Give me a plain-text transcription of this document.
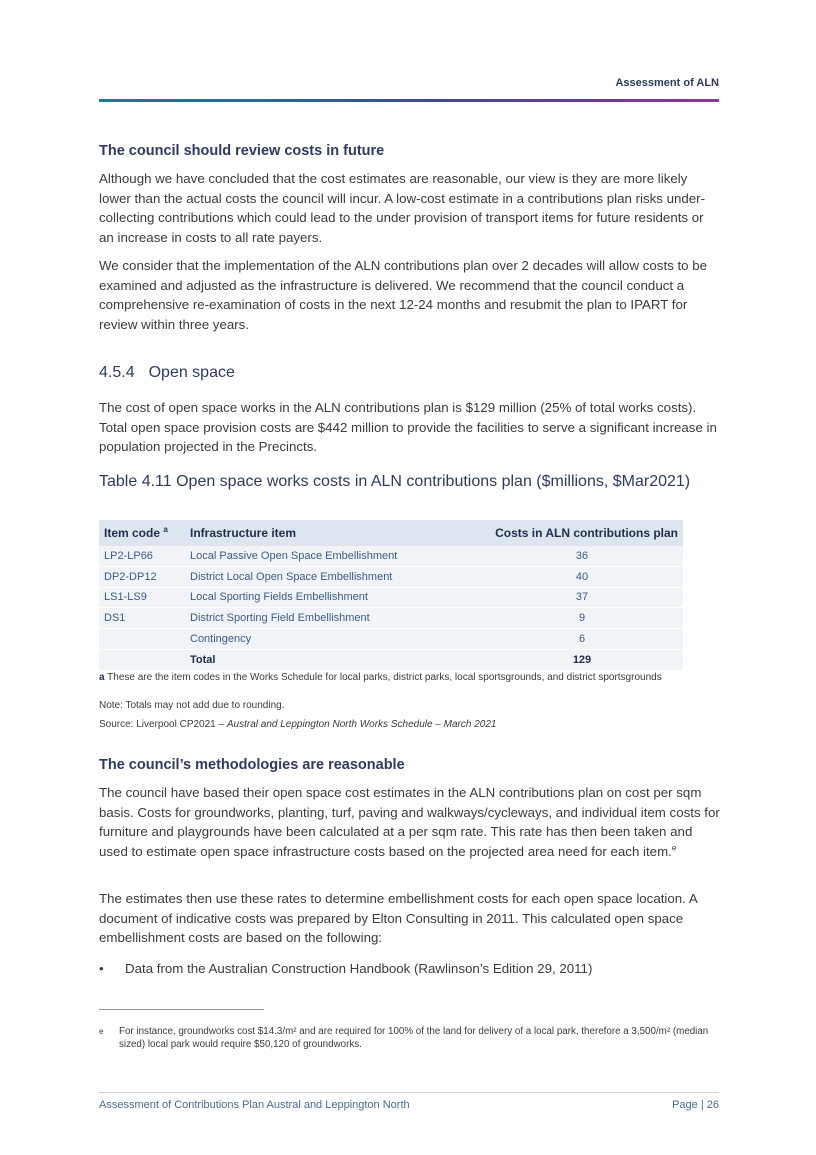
Assessment of ALN
The council should review costs in future

Although we have concluded that the cost estimates are reasonable, our view is they are more likely lower than the actual costs the council will incur. A low-cost estimate in a contributions plan risks under-collecting contributions which could lead to the under provision of transport items for future residents or an increase in costs to all rate payers.

We consider that the implementation of the ALN contributions plan over 2 decades will allow costs to be examined and adjusted as the infrastructure is delivered. We recommend that the council conduct a comprehensive re-examination of costs in the next 12-24 months and resubmit the plan to IPART for review within three years.

4.5.4 Open space

The cost of open space works in the ALN contributions plan is $129 million (25% of total works costs). Total open space provision costs are $442 million to provide the facilities to serve a significant increase in population projected in the Precincts.

Table 4.11 Open space works costs in ALN contributions plan ($millions, $Mar2021)
Item code $^a$	Infrastructure item	Costs in ALN contributions plan
LP2-LP66	Local Passive Open Space Embellishment	36
DP2-DP12	District Local Open Space Embellishment	40
LS1-LS9	Local Sporting Fields Embellishment	37
DS1	District Sporting Field Embellishment	9
	Contingency	6
	Total	129
a These are the item codes in the Works Schedule for local parks, district parks, local sportsgrounds, and district sportsgrounds
Note: Totals may not add due to rounding.
Source: Liverpool CP2021 – Austral and Leppington North Works Schedule – March 2021
The council’s methodologies are reasonable

The council have based their open space cost estimates in the ALN contributions plan on cost per sqm basis. Costs for groundworks, planting, turf, paving and walkways/cycleways, and individual item costs for furniture and playgrounds have been calculated at a per sqm rate. This rate has then been taken and used to estimate open space infrastructure costs based on the projected area need for each item.$^e$

The estimates then use these rates to determine embellishment costs for each open space location. A document of indicative costs was prepared by Elton Consulting in 2011. This calculated open space embellishment costs are based on the following:

• Data from the Australian Construction Handbook (Rawlinson’s Edition 29, 2011)
e	For instance, groundworks cost $14.3/m² and are required for 100% of the land for delivery of a local park, therefore a 3,500/m² (median sized) local park would require $50,120 of groundworks.
Assessment of Contributions Plan Austral and Leppington North	Page | 26
